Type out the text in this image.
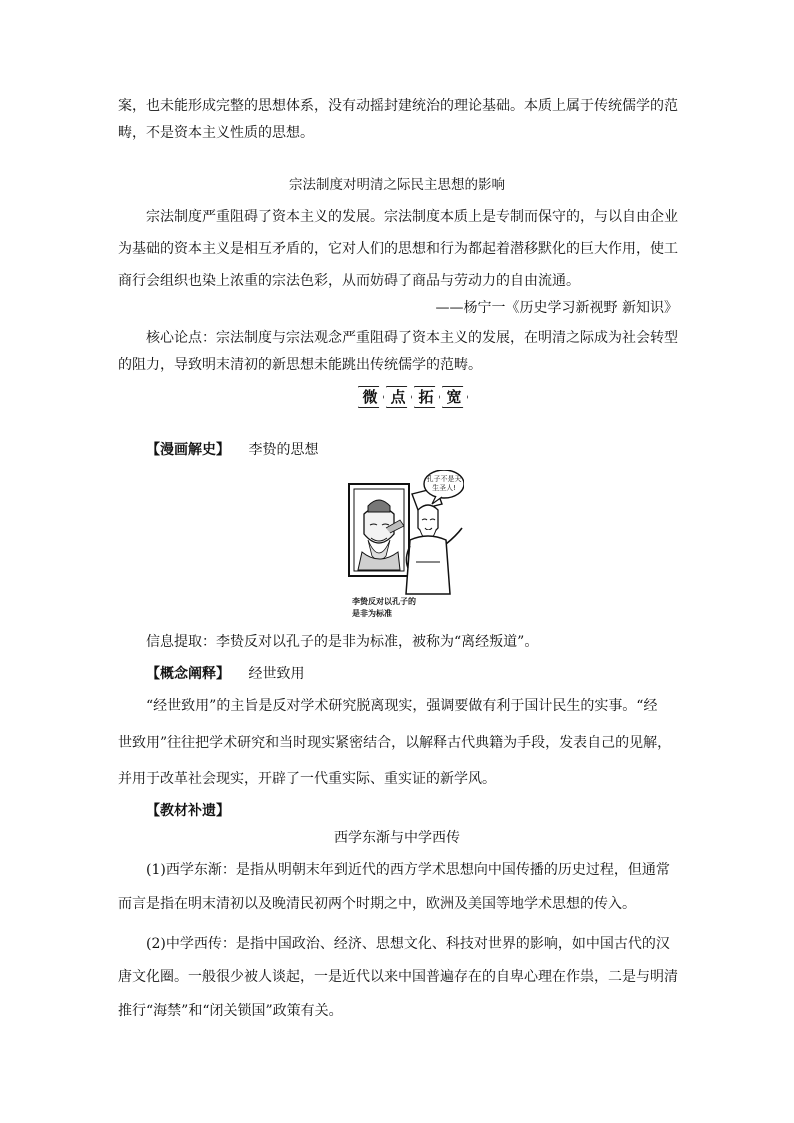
案，也未能形成完整的思想体系，没有动摇封建统治的理论基础。本质上属于传统儒学的范
畴，不是资本主义性质的思想。
宗法制度对明清之际民主思想的影响
宗法制度严重阻碍了资本主义的发展。宗法制度本质上是专制而保守的，与以自由企业
为基础的资本主义是相互矛盾的，它对人们的思想和行为都起着潜移默化的巨大作用，使工
商行会组织也染上浓重的宗法色彩，从而妨碍了商品与劳动力的自由流通。
——杨宁一《历史学习新视野 新知识》
核心论点：宗法制度与宗法观念严重阻碍了资本主义的发展，在明清之际成为社会转型
的阻力，导致明末清初的新思想未能跳出传统儒学的范畴。
微 点 拓 宽
【漫画解史】 李贽的思想
孔子不是天
生圣人!
李贽反对以孔子的
是非为标准
信息提取：李贽反对以孔子的是非为标准，被称为“离经叛道”。
【概念阐释】 经世致用
“经世致用”的主旨是反对学术研究脱离现实，强调要做有利于国计民生的实事。“经
世致用”往往把学术研究和当时现实紧密结合，以解释古代典籍为手段，发表自己的见解，
并用于改革社会现实，开辟了一代重实际、重实证的新学风。
【教材补遗】
西学东渐与中学西传
(1)西学东渐：是指从明朝末年到近代的西方学术思想向中国传播的历史过程，但通常
而言是指在明末清初以及晚清民初两个时期之中，欧洲及美国等地学术思想的传入。
(2)中学西传：是指中国政治、经济、思想文化、科技对世界的影响，如中国古代的汉
唐文化圈。一般很少被人谈起，一是近代以来中国普遍存在的自卑心理在作祟，二是与明清
推行“海禁”和“闭关锁国”政策有关。
